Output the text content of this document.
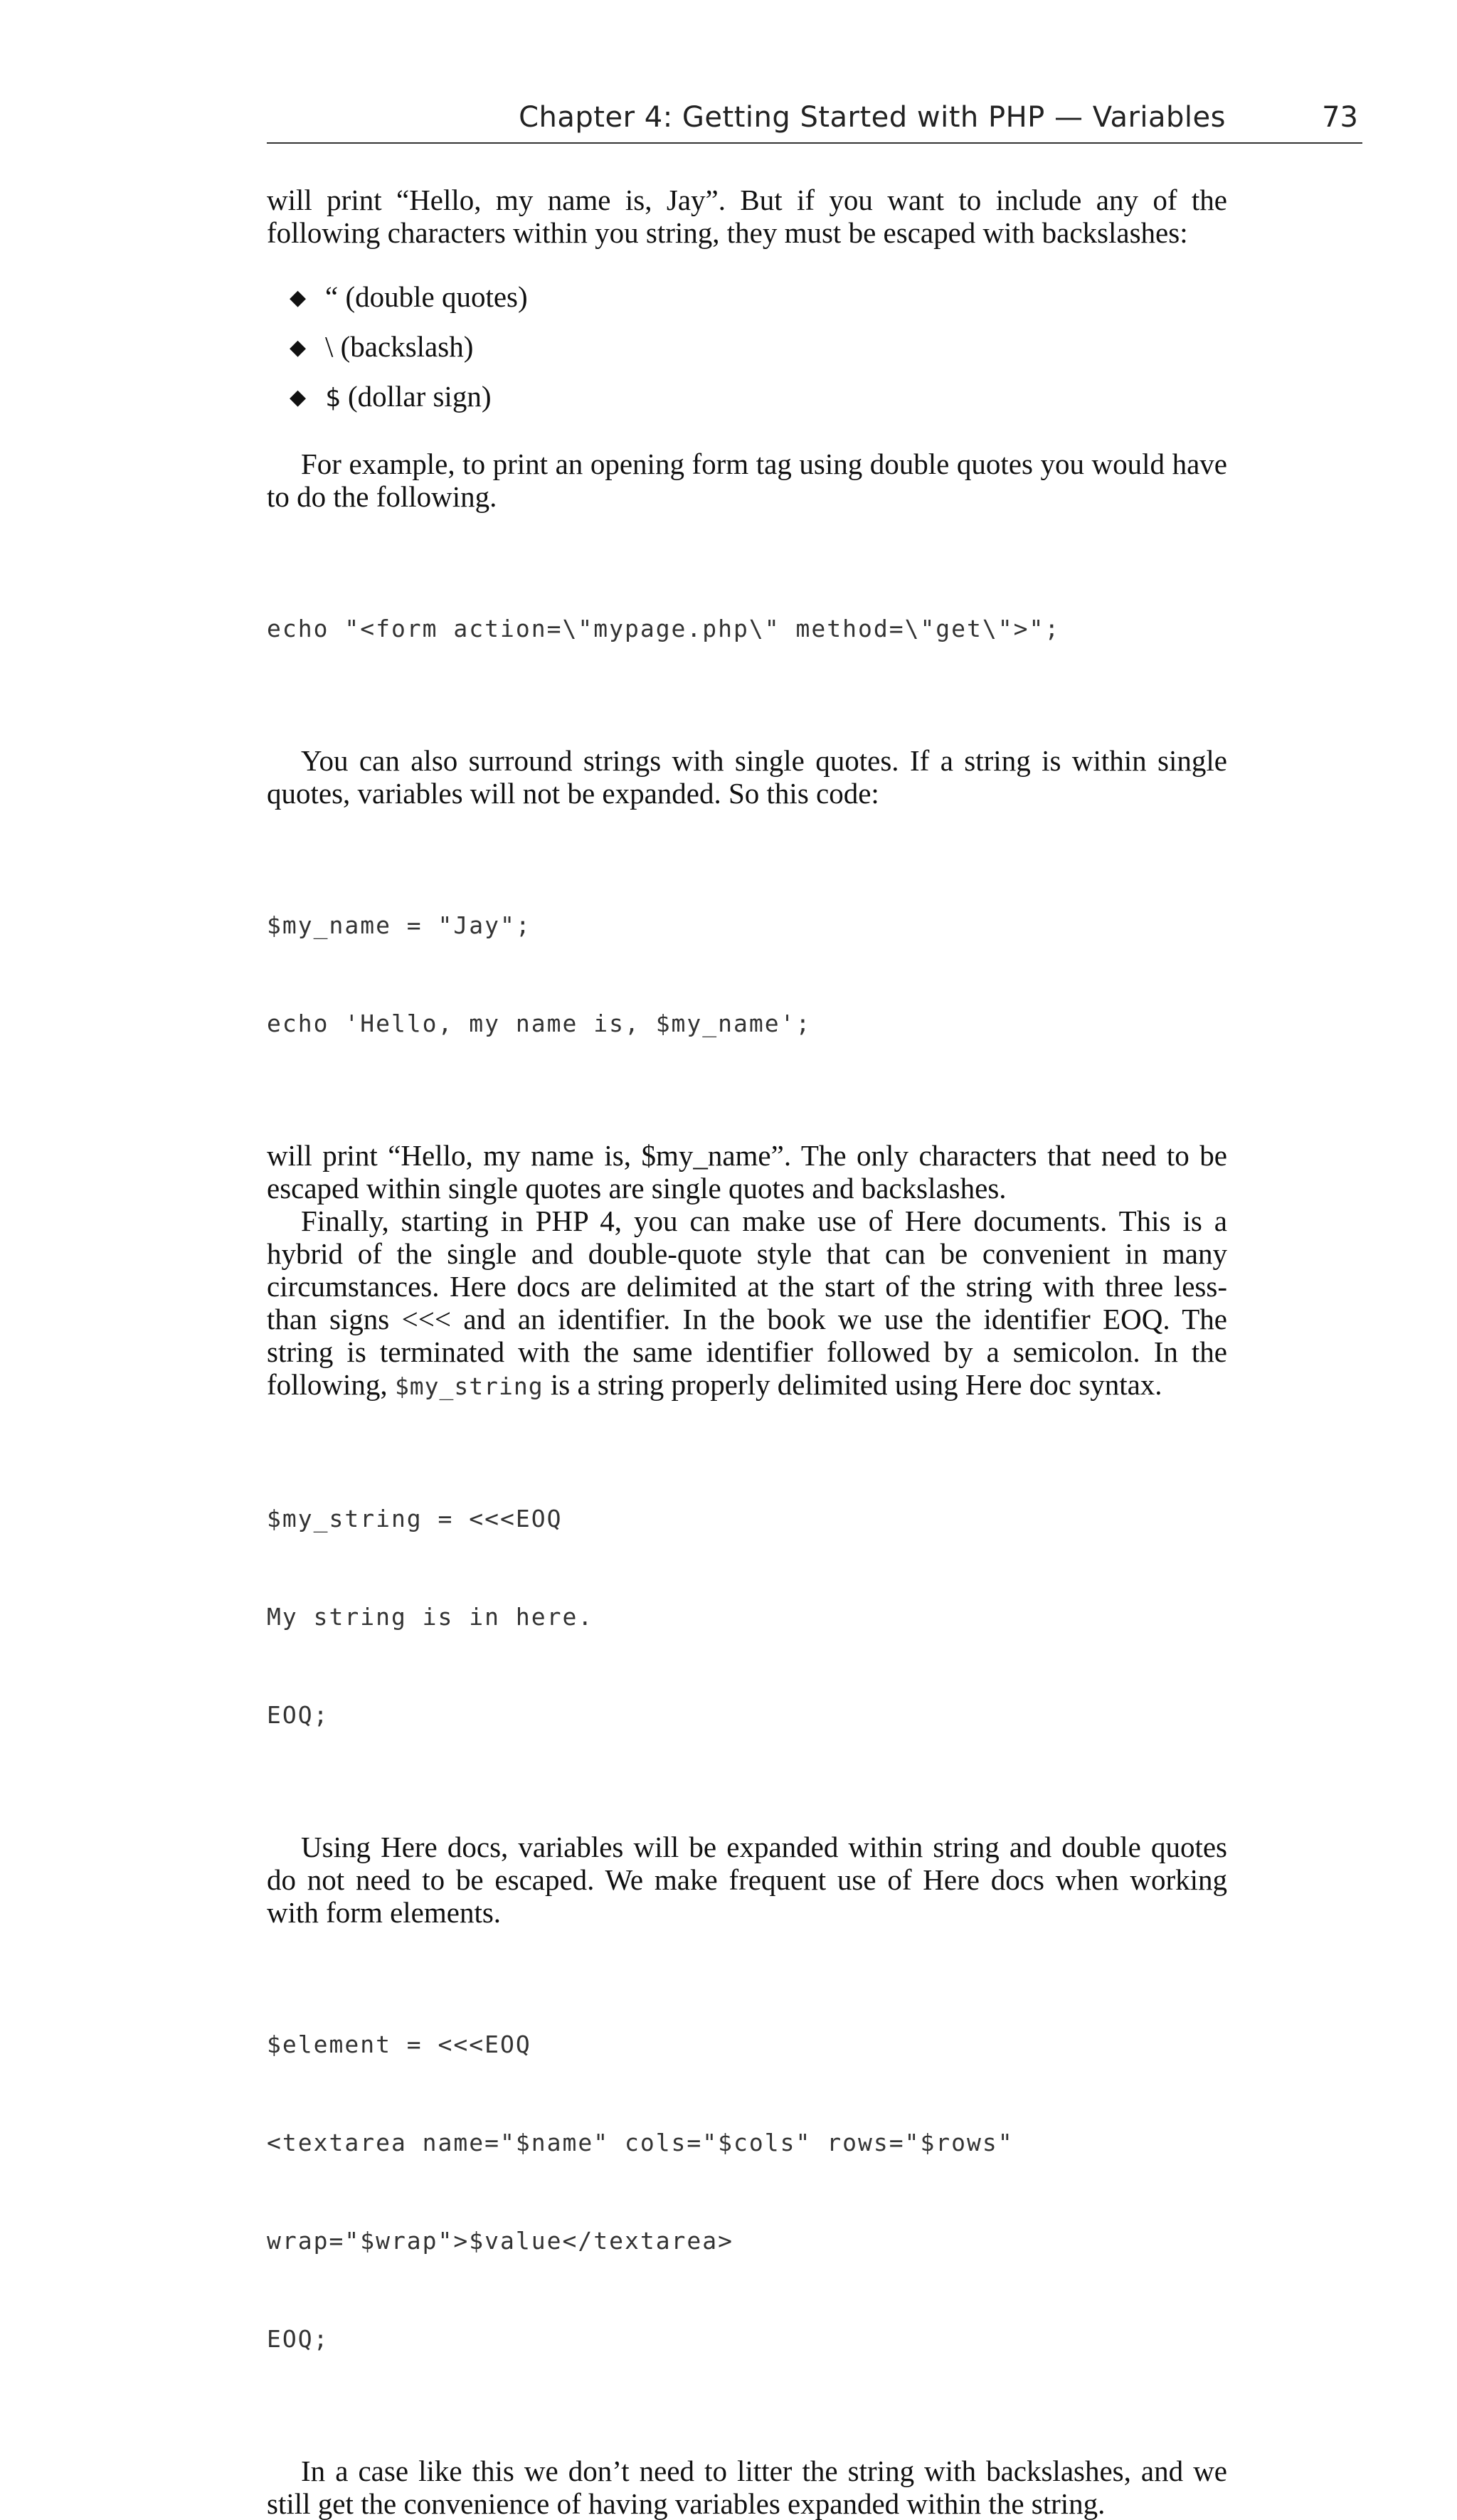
Chapter 4: Getting Started with PHP — Variables	73

will print “Hello, my name is, Jay”. But if you want to include any of the following characters within you string, they must be escaped with backslashes:

◆ “ (double quotes)
◆ \ (backslash)
◆ $ (dollar sign)

For example, to print an opening form tag using double quotes you would have to do the following.

echo "<form action=\"mypage.php\" method=\"get\">";

You can also surround strings with single quotes. If a string is within single quotes, variables will not be expanded. So this code:

$my_name = "Jay";

echo 'Hello, my name is, $my_name';

will print “Hello, my name is, $my_name”. The only characters that need to be escaped within single quotes are single quotes and backslashes.

Finally, starting in PHP 4, you can make use of Here documents. This is a hybrid of the single and double-quote style that can be convenient in many circumstances. Here docs are delimited at the start of the string with three less-than signs <<< and an identifier. In the book we use the identifier EOQ. The string is terminated with the same identifier followed by a semicolon. In the following, $my_string is a string properly delimited using Here doc syntax.

$my_string = <<<EOQ

My string is in here.

EOQ;

Using Here docs, variables will be expanded within string and double quotes do not need to be escaped. We make frequent use of Here docs when working with form elements.

$element = <<<EOQ

<textarea name="$name" cols="$cols" rows="$rows"

wrap="$wrap">$value</textarea>

EOQ;

In a case like this we don’t need to litter the string with backslashes, and we still get the convenience of having variables expanded within the string.
